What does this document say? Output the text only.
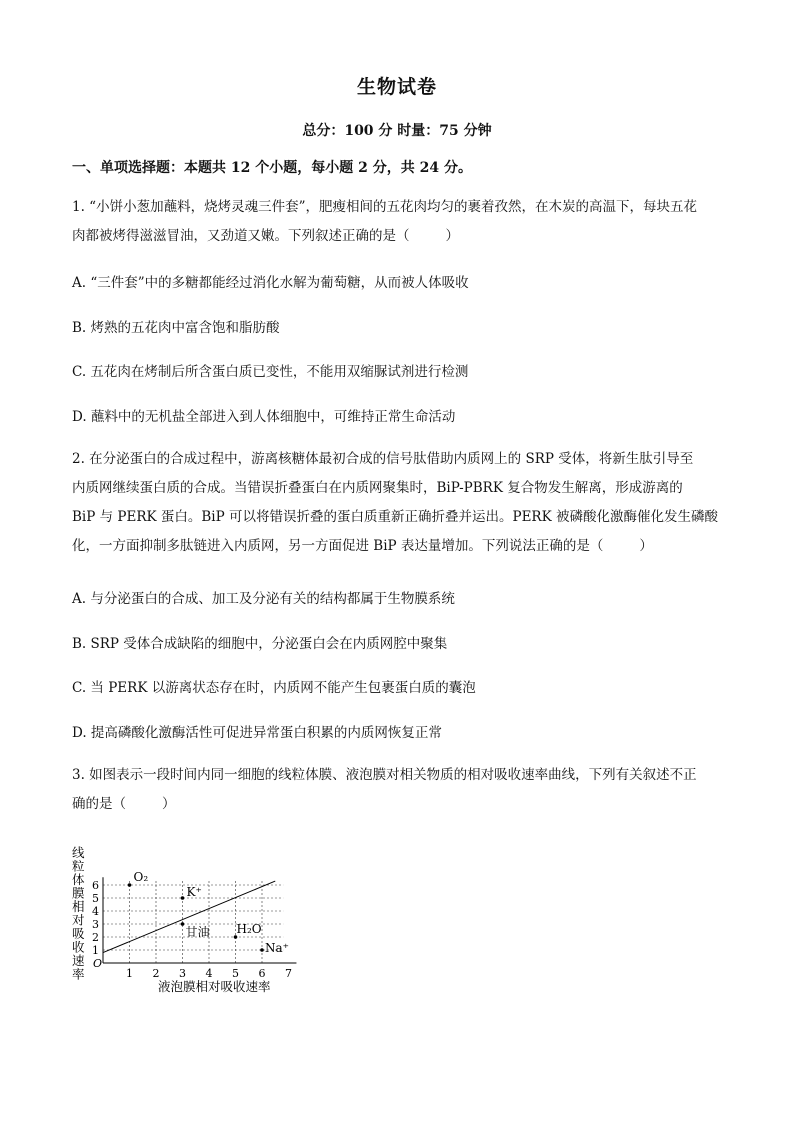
生物试卷
总分：100 分 时量：75 分钟
一、单项选择题：本题共 12 个小题，每小题 2 分，共 24 分。
1. “小饼小葱加蘸料，烧烤灵魂三件套”，肥瘦相间的五花肉均匀的裹着孜然，在木炭的高温下，每块五花
肉都被烤得滋滋冒油，又劲道又嫩。下列叙述正确的是（	）
A. “三件套”中的多糖都能经过消化水解为葡萄糖，从而被人体吸收
B. 烤熟的五花肉中富含饱和脂肪酸
C. 五花肉在烤制后所含蛋白质已变性，不能用双缩脲试剂进行检测
D. 蘸料中的无机盐全部进入到人体细胞中，可维持正常生命活动
2. 在分泌蛋白的合成过程中，游离核糖体最初合成的信号肽借助内质网上的 SRP 受体，将新生肽引导至
内质网继续蛋白质的合成。当错误折叠蛋白在内质网聚集时，BiP-PBRK 复合物发生解离，形成游离的
BiP 与 PERK 蛋白。BiP 可以将错误折叠的蛋白质重新正确折叠并运出。PERK 被磷酸化激酶催化发生磷酸
化，一方面抑制多肽链进入内质网，另一方面促进 BiP 表达量增加。下列说法正确的是（	）
A. 与分泌蛋白的合成、加工及分泌有关的结构都属于生物膜系统
B. SRP 受体合成缺陷的细胞中，分泌蛋白会在内质网腔中聚集
C. 当 PERK 以游离状态存在时，内质网不能产生包裹蛋白质的囊泡
D. 提高磷酸化激酶活性可促进异常蛋白积累的内质网恢复正常
3. 如图表示一段时间内同一细胞的线粒体膜、液泡膜对相关物质的相对吸收速率曲线，下列有关叙述不正
确的是（	）
O
1 2 3 4 5 6 7
1
2
3
4
5
6
线
粒
体
膜
相
对
吸
收
速
率
液泡膜相对吸收速率
O₂
K⁺
甘油 H₂O
Na⁺
